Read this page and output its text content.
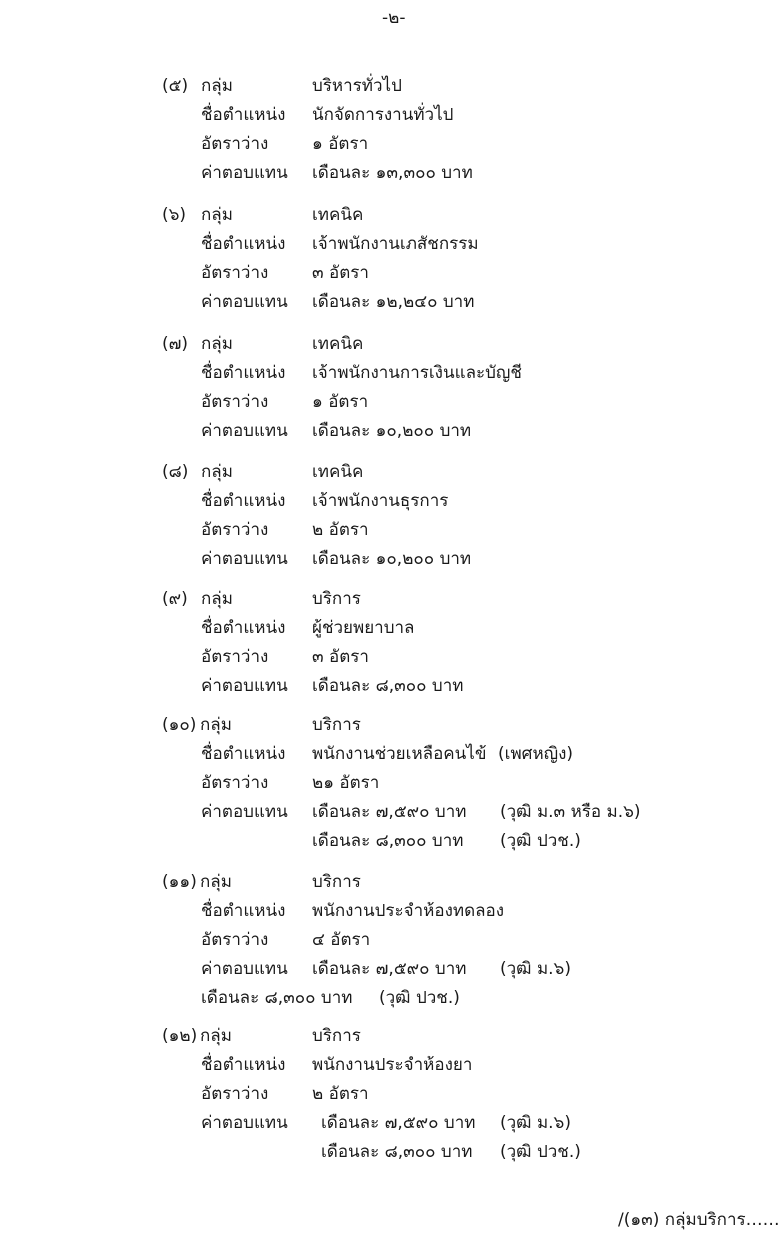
-๒-
(๕) กลุ่ม	บริหารทั่วไป
ชื่อตำแหน่ง นักจัดการงานทั่วไป
อัตราว่าง	๑ อัตรา
ค่าตอบแทน เดือนละ ๑๓,๓๐๐ บาท
(๖) กลุ่ม	เทคนิค
ชื่อตำแหน่ง เจ้าพนักงานเภสัชกรรม
อัตราว่าง	๓ อัตรา
ค่าตอบแทน เดือนละ ๑๒,๒๔๐ บาท
(๗) กลุ่ม	เทคนิค
ชื่อตำแหน่ง เจ้าพนักงานการเงินและบัญชี
อัตราว่าง	๑ อัตรา
ค่าตอบแทน เดือนละ ๑๐,๒๐๐ บาท
(๘) กลุ่ม	เทคนิค
ชื่อตำแหน่ง เจ้าพนักงานธุรการ
อัตราว่าง	๒ อัตรา
ค่าตอบแทน เดือนละ ๑๐,๒๐๐ บาท
(๙) กลุ่ม	บริการ
ชื่อตำแหน่ง ผู้ช่วยพยาบาล
อัตราว่าง	๓ อัตรา
ค่าตอบแทน เดือนละ ๘,๓๐๐ บาท
(๑๐) กลุ่ม	บริการ
ชื่อตำแหน่ง พนักงานช่วยเหลือคนไข้ (เพศหญิง)
อัตราว่าง	๒๑ อัตรา
ค่าตอบแทน เดือนละ ๗,๕๙๐ บาท (วุฒิ ม.๓ หรือ ม.๖)
เดือนละ ๘,๓๐๐ บาท (วุฒิ ปวช.)
(๑๑) กลุ่ม	บริการ
ชื่อตำแหน่ง พนักงานประจำห้องทดลอง
อัตราว่าง	๔ อัตรา
ค่าตอบแทน เดือนละ ๗,๕๙๐ บาท (วุฒิ ม.๖)
เดือนละ ๘,๓๐๐ บาท (วุฒิ ปวช.)
(๑๒) กลุ่ม	บริการ
ชื่อตำแหน่ง พนักงานประจำห้องยา
อัตราว่าง	๒ อัตรา
ค่าตอบแทน เดือนละ ๗,๕๙๐ บาท (วุฒิ ม.๖)
เดือนละ ๘,๓๐๐ บาท (วุฒิ ปวช.)
/(๑๓) กลุ่มบริการ……
